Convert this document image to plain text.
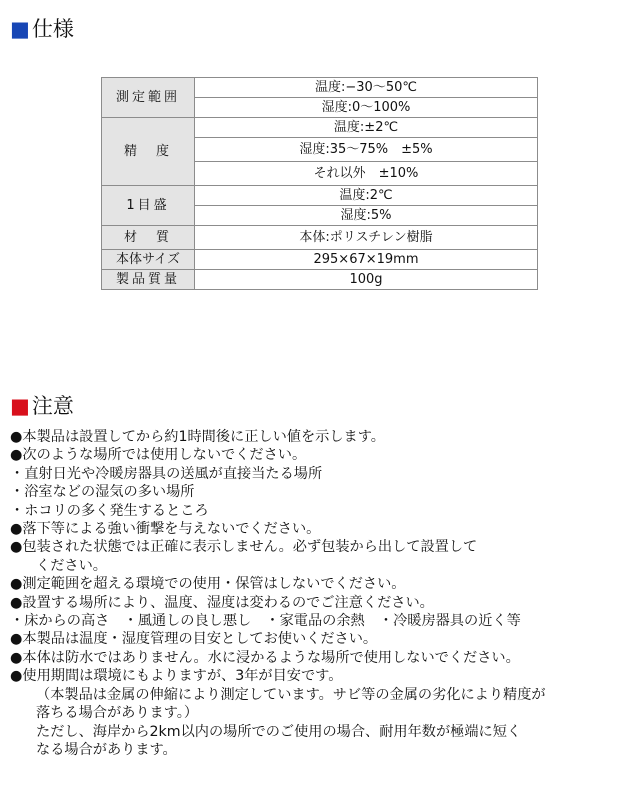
■仕様
測定範囲	温度:−30〜50℃
	湿度:0〜100%
精　度	温度:±2℃
	湿度:35〜75%　±5%
	それ以外　±10%
1目盛	温度:2℃
	湿度:5%
材　質	本体:ポリスチレン樹脂
本体サイズ	295×67×19mm
製品質量	100g
■注意
●本製品は設置してから約1時間後に正しい値を示します。
●次のような場所では使用しないでください。
・直射日光や冷暖房器具の送風が直接当たる場所
・浴室などの湿気の多い場所
・ホコリの多く発生するところ
●落下等による強い衝撃を与えないでください。
●包装された状態では正確に表示しません。必ず包装から出して設置して
ください。
●測定範囲を超える環境での使用・保管はしないでください。
●設置する場所により、温度、湿度は変わるのでご注意ください。
・床からの高さ　・風通しの良し悪し　・家電品の余熱　・冷暖房器具の近く等
●本製品は温度・湿度管理の目安としてお使いください。
●本体は防水ではありません。水に浸かるような場所で使用しないでください。
●使用期間は環境にもよりますが、3年が目安です。
（本製品は金属の伸縮により測定しています。サビ等の金属の劣化により精度が
落ちる場合があります。）
ただし、海岸から2km以内の場所でのご使用の場合、耐用年数が極端に短く
なる場合があります。
